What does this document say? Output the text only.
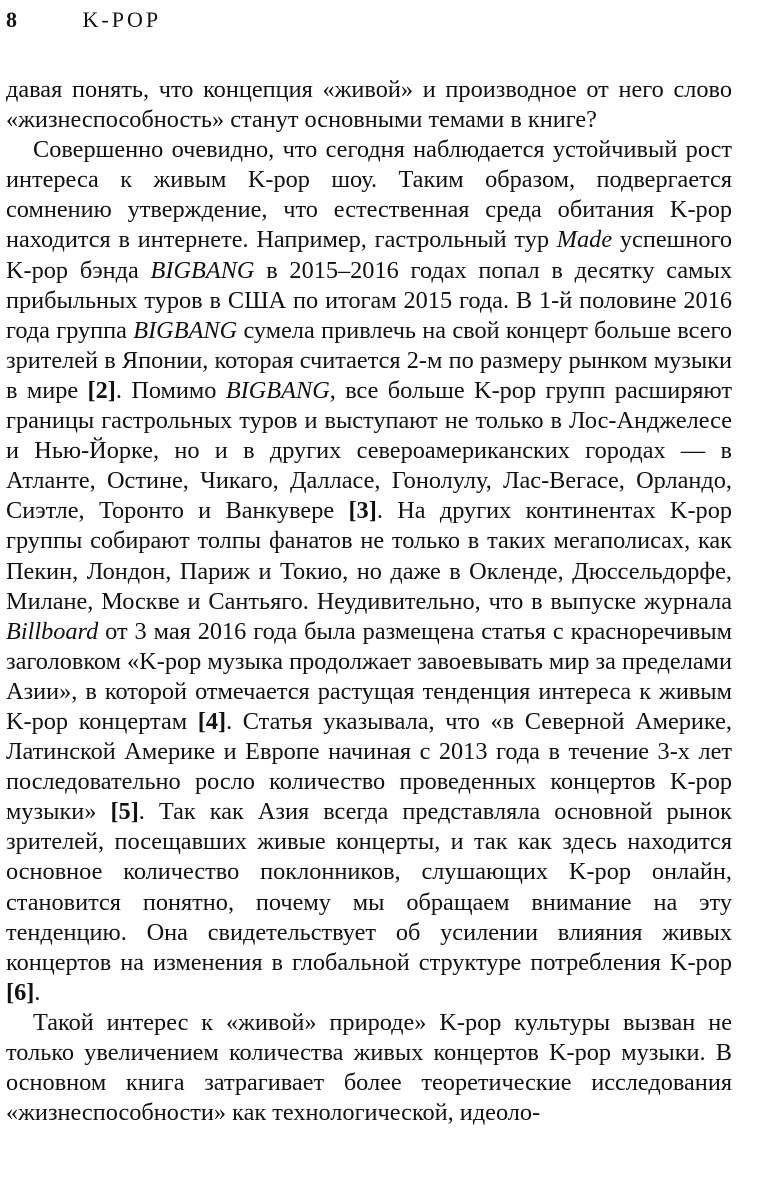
8	K-POP

давая понять, что концепция «живой» и производное от него слово «жизнеспособность» станут основными темами в книге?

Совершенно очевидно, что сегодня наблюдается устойчивый рост интереса к живым K-pop шоу. Таким образом, подвергается сомнению утверждение, что естественная среда обитания K-pop находится в интернете. Например, гастрольный тур Made успешного K-pop бэнда BIGBANG в 2015–2016 годах попал в десятку самых прибыльных туров в США по итогам 2015 года. В 1-й половине 2016 года группа BIGBANG сумела привлечь на свой концерт больше всего зрителей в Японии, которая считается 2-м по размеру рынком музыки в мире [2]. Помимо BIGBANG, все больше K-pop групп расширяют границы гастрольных туров и выступают не только в Лос-Анджелесе и Нью-Йорке, но и в других североамериканских городах — в Атланте, Остине, Чикаго, Далласе, Гонолулу, Лас-Вегасе, Орландо, Сиэтле, Торонто и Ванкувере [3]. На других континентах K-pop группы собирают толпы фанатов не только в таких мегаполисах, как Пекин, Лондон, Париж и Токио, но даже в Окленде, Дюссельдорфе, Милане, Москве и Сантьяго. Неудивительно, что в выпуске журнала Billboard от 3 мая 2016 года была размещена статья с красноречивым заголовком «K-pop музыка продолжает завоевывать мир за пределами Азии», в которой отмечается растущая тенденция интереса к живым K-pop концертам [4]. Статья указывала, что «в Северной Америке, Латинской Америке и Европе начиная с 2013 года в течение 3-х лет последовательно росло количество проведенных концертов K-pop музыки» [5]. Так как Азия всегда представляла основной рынок зрителей, посещавших живые концерты, и так как здесь находится основное количество поклонников, слушающих K-pop онлайн, становится понятно, почему мы обращаем внимание на эту тенденцию. Она свидетельствует об усилении влияния живых концертов на изменения в глобальной структуре потребления K-pop [6].

Такой интерес к «живой» природе» K-pop культуры вызван не только увеличением количества живых концертов K-pop музыки. В основном книга затрагивает более теоретические исследования «жизнеспособности» как технологической, идеоло-
